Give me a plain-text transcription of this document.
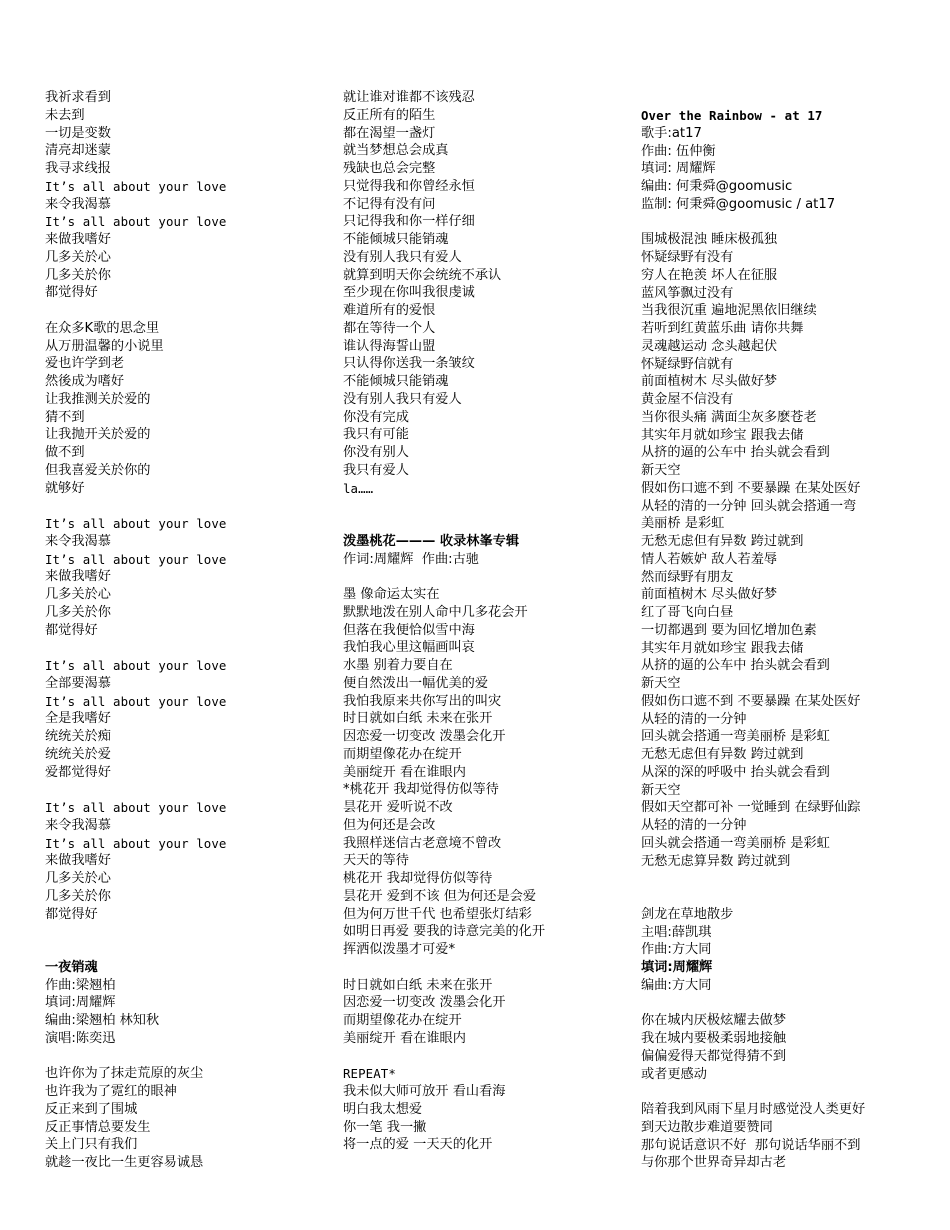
我祈求看到
未去到
一切是变数
清亮却迷蒙
我寻求线报
It’s all about your love
来令我渴慕
It’s all about your love
来做我嗜好
几多关於心
几多关於你
都觉得好
在众多K歌的思念里
从万册温馨的小说里
爱也许学到老
然後成为嗜好
让我推测关於爱的
猜不到
让我抛开关於爱的
做不到
但我喜爱关於你的
就够好
It’s all about your love
来令我渴慕
It’s all about your love
来做我嗜好
几多关於心
几多关於你
都觉得好
It’s all about your love
全部要渴慕
It’s all about your love
全是我嗜好
统统关於痴
统统关於爱
爱都觉得好
It’s all about your love
来令我渴慕
It’s all about your love
来做我嗜好
几多关於心
几多关於你
都觉得好
一夜销魂
作曲:梁翘柏
填词:周耀辉
编曲:梁翘柏 林知秋
演唱:陈奕迅
也许你为了抹走荒原的灰尘
也许我为了霓红的眼神
反正来到了围城
反正事情总要发生
关上门只有我们
就趁一夜比一生更容易诚恳
就让谁对谁都不该残忍
反正所有的陌生
都在渴望一盏灯
就当梦想总会成真
残缺也总会完整
只觉得我和你曾经永恒
不记得有没有问
只记得我和你一样仔细
不能倾城只能销魂
没有别人我只有爱人
就算到明天你会统统不承认
至少现在你叫我很虔诚
难道所有的爱恨
都在等待一个人
谁认得海誓山盟
只认得你送我一条皱纹
不能倾城只能销魂
没有别人我只有爱人
你没有完成
我只有可能
你没有别人
我只有爱人
la……
泼墨桃花——— 收录林峯专辑
作词:周耀辉  作曲:古驰
墨 像命运太实在
默默地泼在别人命中几多花会开
但落在我便恰似雪中海
我怕我心里这幅画叫哀
水墨 别着力要自在
便自然泼出一幅优美的爱
我怕我原来共你写出的叫灾
时日就如白纸 未来在张开
因恋爱一切变改 泼墨会化开
而期望像花办在绽开
美丽绽开 看在谁眼内
*桃花开 我却觉得仿似等待
昙花开 爱听说不改
但为何还是会改
我照样迷信古老意境不曾改
天天的等待
桃花开 我却觉得仿似等待
昙花开 爱到不该 但为何还是会爱
但为何万世千代 也希望张灯结彩
如明日再爱 要我的诗意完美的化开
挥洒似泼墨才可爱*
时日就如白纸 未来在张开
因恋爱一切变改 泼墨会化开
而期望像花办在绽开
美丽绽开 看在谁眼内
REPEAT*
我未似大师可放开 看山看海
明白我太想爱
你一笔 我一撇
将一点的爱 一天天的化开
Over the Rainbow - at 17
歌手:at17
作曲: 伍仲衡
填词: 周耀辉
编曲: 何秉舜@goomusic
监制: 何秉舜@goomusic / at17
围城极混浊 睡床极孤独
怀疑绿野有没有
穷人在艳羡 坏人在征服
蓝风筝飘过没有
当我很沉重 遍地泥黑依旧继续
若听到红黄蓝乐曲 请你共舞
灵魂越运动 念头越起伏
怀疑绿野信就有
前面植树木 尽头做好梦
黄金屋不信没有
当你很头痛 满面尘灰多麽苍老
其实年月就如珍宝 跟我去储
从挤的逼的公车中 抬头就会看到
新天空
假如伤口遮不到 不要暴躁 在某处医好
从轻的清的一分钟 回头就会搭通一弯
美丽桥 是彩虹
无愁无虑但有异数 跨过就到
情人若嫉妒 敌人若羞辱
然而绿野有朋友
前面植树木 尽头做好梦
红了哥飞向白昼
一切都遇到 要为回忆增加色素
其实年月就如珍宝 跟我去储
从挤的逼的公车中 抬头就会看到
新天空
假如伤口遮不到 不要暴躁 在某处医好
从轻的清的一分钟
回头就会搭通一弯美丽桥 是彩虹
无愁无虑但有异数 跨过就到
从深的深的呼吸中 抬头就会看到
新天空
假如天空都可补 一觉睡到 在绿野仙踪
从轻的清的一分钟
回头就会搭通一弯美丽桥 是彩虹
无愁无虑算异数 跨过就到
剑龙在草地散步
主唱:薛凯琪
作曲:方大同
填词:周耀辉
编曲:方大同
你在城内厌极炫耀去做梦
我在城内要极柔弱地接触
偏偏爱得天都觉得猜不到
或者更感动
陪着我到风雨下星月时感觉没人类更好
到天边散步难道要赞同
那句说话意识不好  那句说话华丽不到
与你那个世界奇异却古老
